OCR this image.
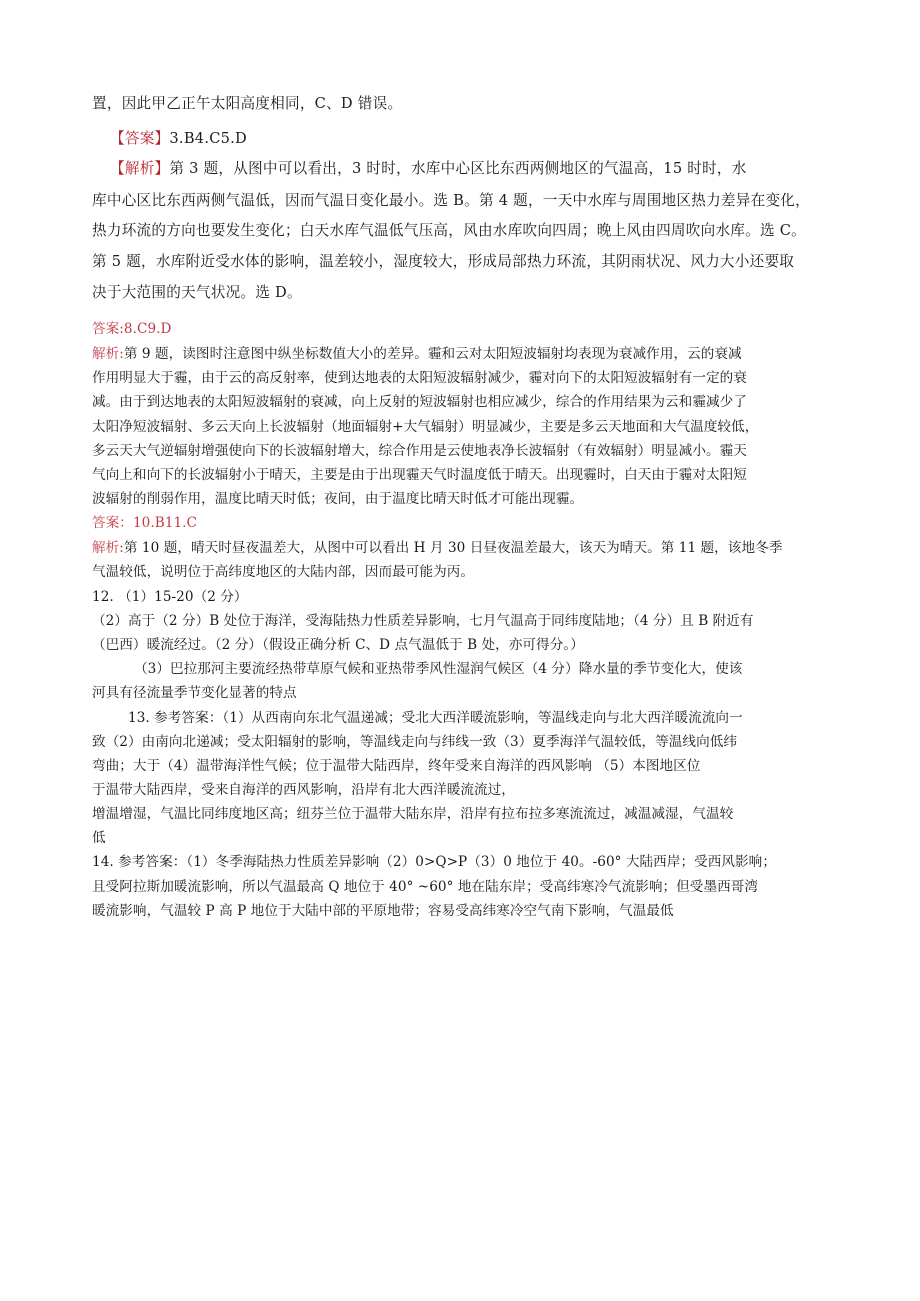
置，因此甲乙正午太阳高度相同，C、D 错误。
【答案】3.B4.C5.D
【解析】第 3 题，从图中可以看出，3 时时，水库中心区比东西两侧地区的气温高，15 时时，水
库中心区比东西两侧气温低，因而气温日变化最小。选 B。第 4 题，一天中水库与周围地区热力差异在变化，
热力环流的方向也要发生变化；白天水库气温低气压高，风由水库吹向四周；晚上风由四周吹向水库。选 C。
第 5 题，水库附近受水体的影响，温差较小，湿度较大，形成局部热力环流，其阴雨状况、风力大小还要取
决于大范围的天气状况。选 D。
答案:8.C9.D
解析:第 9 题，读图时注意图中纵坐标数值大小的差异。霾和云对太阳短波辐射均表现为衰减作用，云的衰减
作用明显大于霾，由于云的高反射率，使到达地表的太阳短波辐射减少，霾对向下的太阳短波辐射有一定的衰
减。由于到达地表的太阳短波辐射的衰减，向上反射的短波辐射也相应减少，综合的作用结果为云和霾减少了
太阳净短波辐射、多云天向上长波辐射（地面辐射+大气辐射）明显减少，主要是多云天地面和大气温度较低，
多云天大气逆辐射增强使向下的长波辐射增大，综合作用是云使地表净长波辐射（有效辐射）明显减小。霾天
气向上和向下的长波辐射小于晴天，主要是由于出现霾天气时温度低于晴天。出现霾时，白天由于霾对太阳短
波辐射的削弱作用，温度比晴天时低；夜间，由于温度比晴天时低才可能出现霾。
答案：10.B11.C
解析:第 10 题，晴天时昼夜温差大，从图中可以看出 H 月 30 日昼夜温差最大，该天为晴天。第 11 题，该地冬季
气温较低，说明位于高纬度地区的大陆内部，因而最可能为丙。
12. （1）15-20（2 分）
（2）高于（2 分）B 处位于海洋，受海陆热力性质差异影响，七月气温高于同纬度陆地；（4 分）且 B 附近有
（巴西）暖流经过。（2 分）（假设正确分析 C、D 点气温低于 B 处，亦可得分。）
（3）巴拉那河主要流经热带草原气候和亚热带季风性湿润气候区（4 分）降水量的季节变化大，使该
河具有径流量季节变化显著的特点
13. 参考答案：（1）从西南向东北气温递减；受北大西洋暖流影响，等温线走向与北大西洋暖流流向一
致（2）由南向北递减；受太阳辐射的影响，等温线走向与纬线一致（3）夏季海洋气温较低，等温线向低纬
弯曲；大于（4）温带海洋性气候；位于温带大陆西岸，终年受来自海洋的西风影响 （5）本图地区位
于温带大陆西岸，受来自海洋的西风影响，沿岸有北大西洋暖流流过，
增温增湿，气温比同纬度地区高；纽芬兰位于温带大陆东岸，沿岸有拉布拉多寒流流过，减温减湿，气温较
低
14. 参考答案：（1）冬季海陆热力性质差异影响（2）0>Q>P（3）0 地位于 40。-60° 大陆西岸；受西风影响；
且受阿拉斯加暖流影响，所以气温最高 Q 地位于 40° ~60° 地在陆东岸；受高纬寒冷气流影响；但受墨西哥湾
暖流影响，气温较 P 高 P 地位于大陆中部的平原地带；容易受高纬寒冷空气南下影响，气温最低
